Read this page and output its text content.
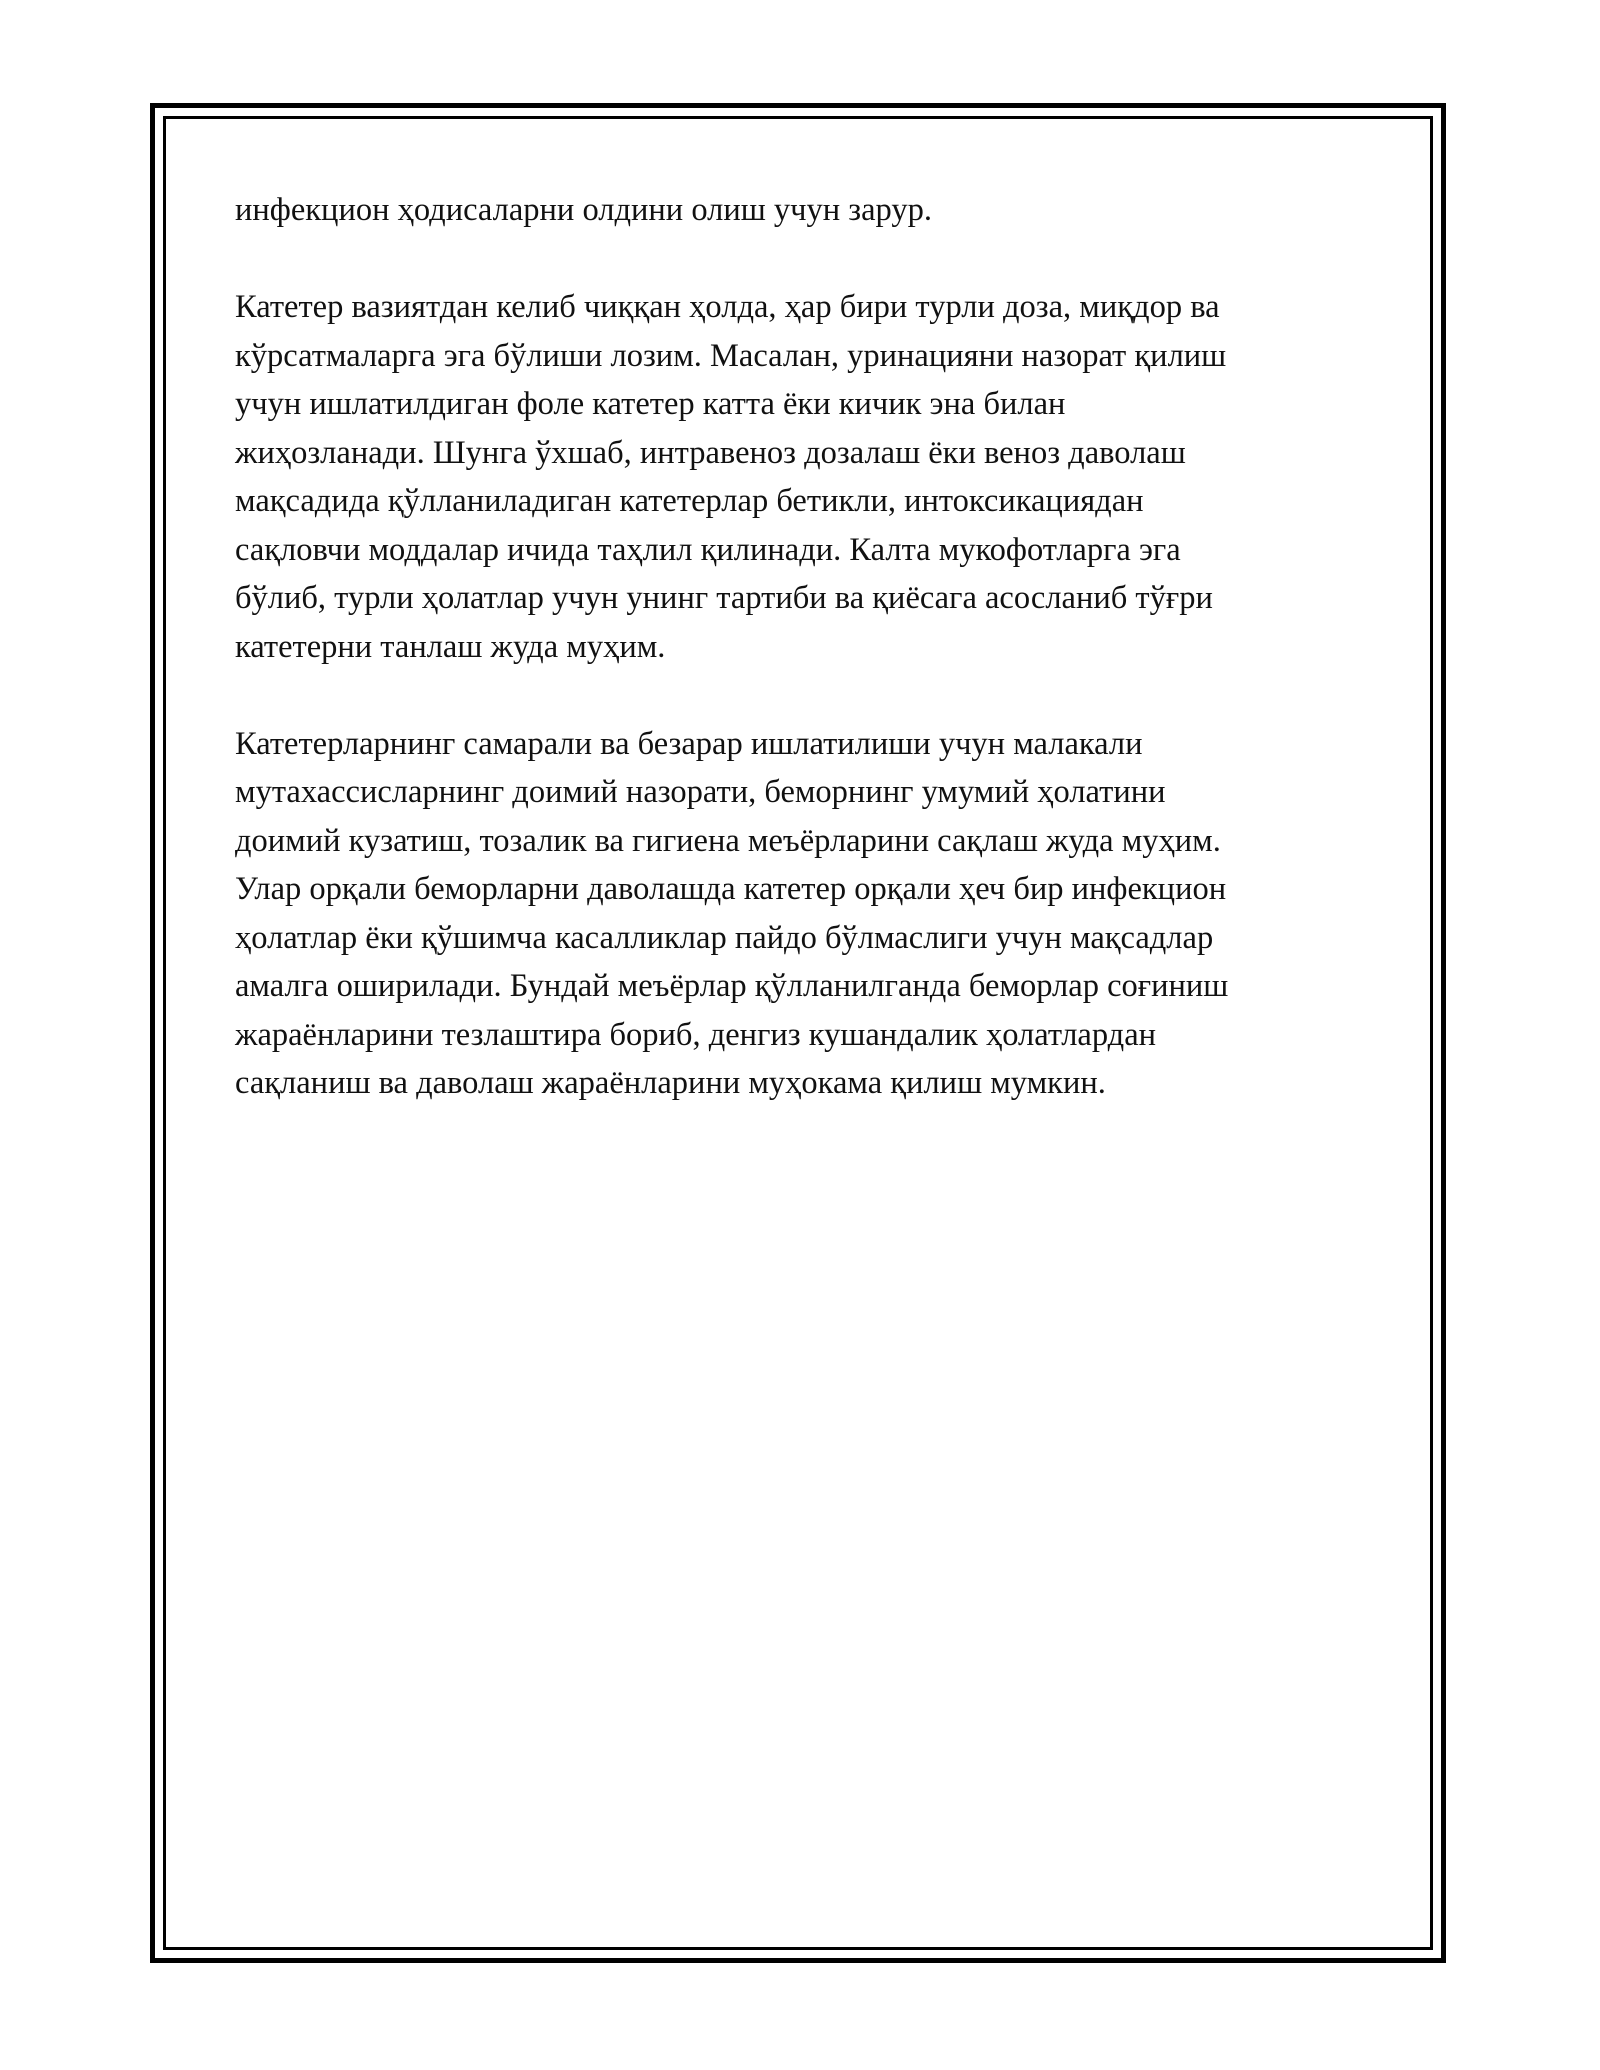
инфекцион ҳодисаларни олдини олиш учун зарур.

Катетер вазиятдан келиб чиққан ҳолда, ҳар бири турли доза, миқдор ва
кўрсатмаларга эга бўлиши лозим. Масалан, уринацияни назорат қилиш
учун ишлатилдиган фоле катетер катта ёки кичик эна билан
жиҳозланади. Шунга ўхшаб, интравеноз дозалаш ёки веноз даволаш
мақсадида қўлланиладиган катетерлар бетикли, интоксикациядан
сақловчи моддалар ичида таҳлил қилинади. Калта мукофотларга эга
бўлиб, турли ҳолатлар учун унинг тартиби ва қиёсага асосланиб тўғри
катетерни танлаш жуда муҳим.

Катетерларнинг самарали ва безарар ишлатилиши учун малакали
мутахассисларнинг доимий назорати, беморнинг умумий ҳолатини
доимий кузатиш, тозалик ва гигиена меъёрларини сақлаш жуда муҳим.
Улар орқали беморларни даволашда катетер орқали ҳеч бир инфекцион
ҳолатлар ёки қўшимча касалликлар пайдо бўлмаслиги учун мақсадлар
амалга оширилади. Бундай меъёрлар қўлланилганда беморлар соғиниш
жараёнларини тезлаштира бориб, денгиз кушандалик ҳолатлардан
сақланиш ва даволаш жараёнларини муҳокама қилиш мумкин.
